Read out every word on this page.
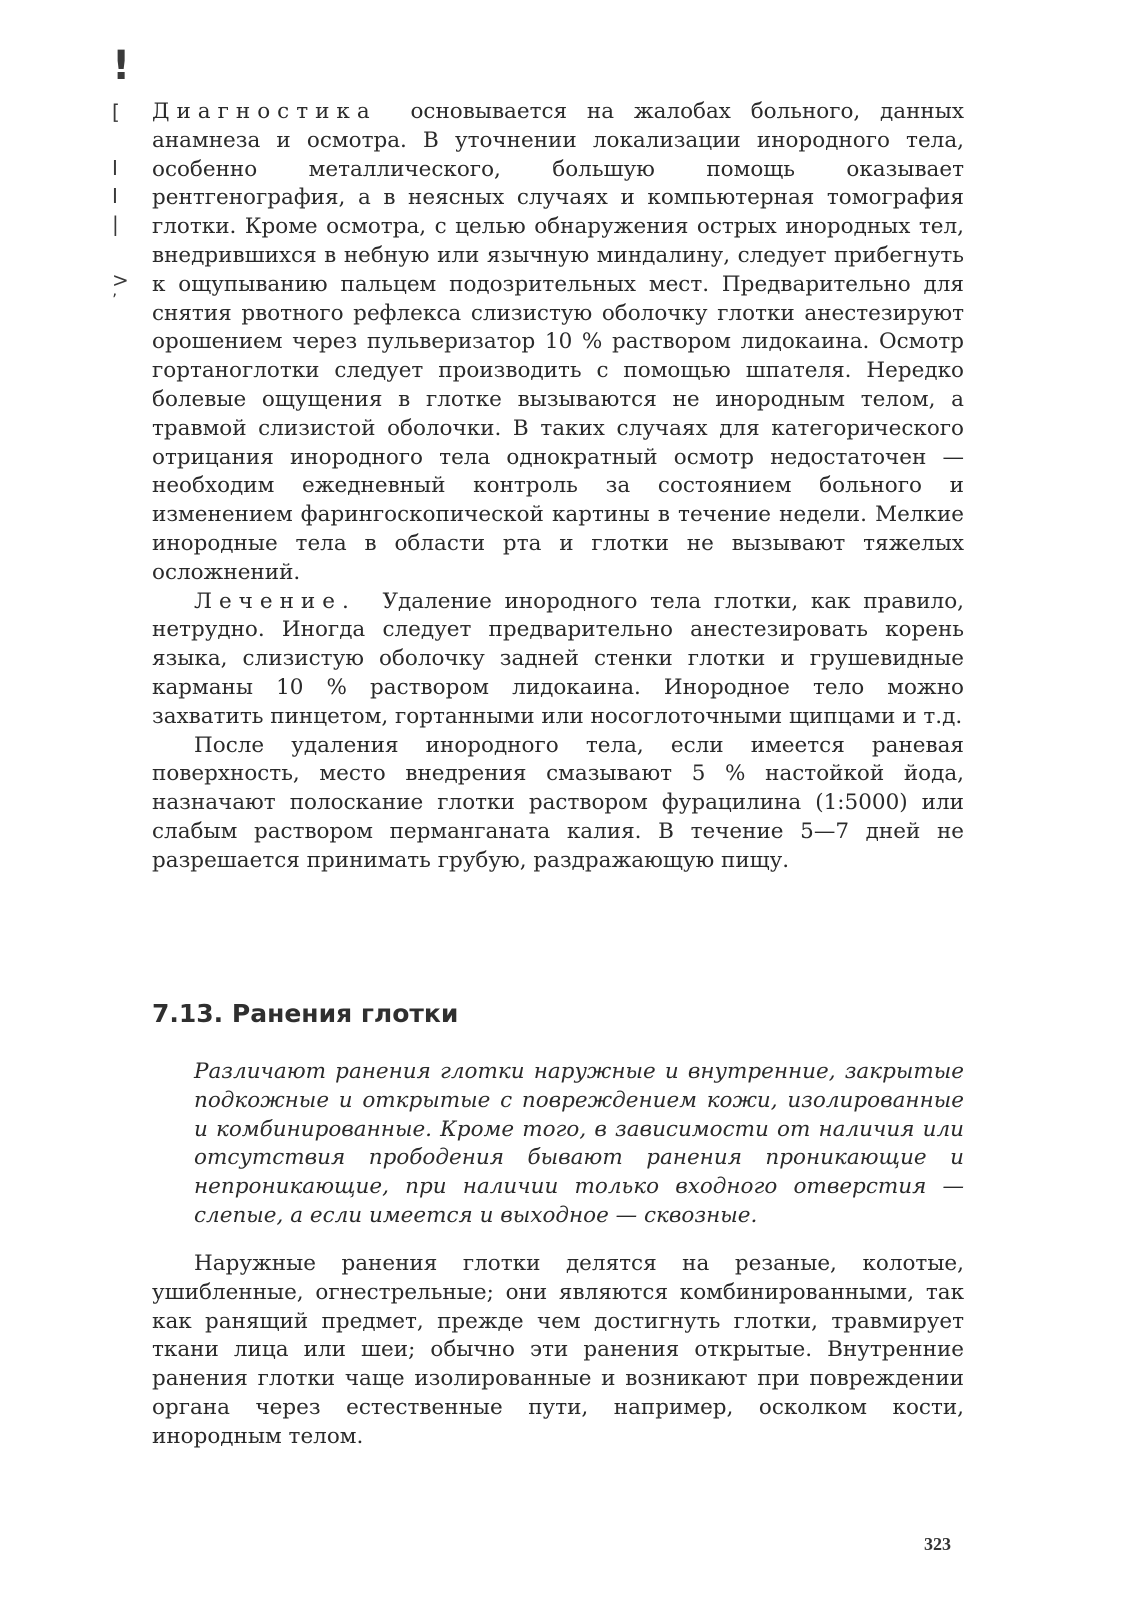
!
[
I
I
|
>
’

Диагностика основывается на жалобах больного, данных анамнеза и осмотра. В уточнении локализации инородного тела, особенно металлического, большую помощь оказывает рентгенография, а в неясных случаях и компьютерная томография глотки. Кроме осмотра, с целью обнаружения острых инородных тел, внедрившихся в небную или язычную миндалину, следует прибегнуть к ощупыванию пальцем подозрительных мест. Предварительно для снятия рвотного рефлекса слизистую оболочку глотки анестезируют орошением через пульверизатор 10 % раствором лидокаина. Осмотр гортаноглотки следует производить с помощью шпателя. Нередко болевые ощущения в глотке вызываются не инородным телом, а травмой слизистой оболочки. В таких случаях для категорического отрицания инородного тела однократный осмотр недостаточен — необходим ежедневный контроль за состоянием больного и изменением фарингоскопической картины в течение недели. Мелкие инородные тела в области рта и глотки не вызывают тяжелых осложнений.

Лечение. Удаление инородного тела глотки, как правило, нетрудно. Иногда следует предварительно анестезировать корень языка, слизистую оболочку задней стенки глотки и грушевидные карманы 10 % раствором лидокаина. Инородное тело можно захватить пинцетом, гортанными или носоглоточными щипцами и т.д.

После удаления инородного тела, если имеется раневая поверхность, место внедрения смазывают 5 % настойкой йода, назначают полоскание глотки раствором фурацилина (1:5000) или слабым раствором перманганата калия. В течение 5—7 дней не разрешается принимать грубую, раздражающую пищу.

7.13. Ранения глотки

Различают ранения глотки наружные и внутренние, закрытые подкожные и открытые с повреждением кожи, изолированные и комбинированные. Кроме того, в зависимости от наличия или отсутствия прободения бывают ранения проникающие и непроникающие, при наличии только входного отверстия — слепые, а если имеется и выходное — сквозные.

Наружные ранения глотки делятся на резаные, колотые, ушибленные, огнестрельные; они являются комбинированными, так как ранящий предмет, прежде чем достигнуть глотки, травмирует ткани лица или шеи; обычно эти ранения открытые. Внутренние ранения глотки чаще изолированные и возникают при повреждении органа через естественные пути, например, осколком кости, инородным телом.

323
